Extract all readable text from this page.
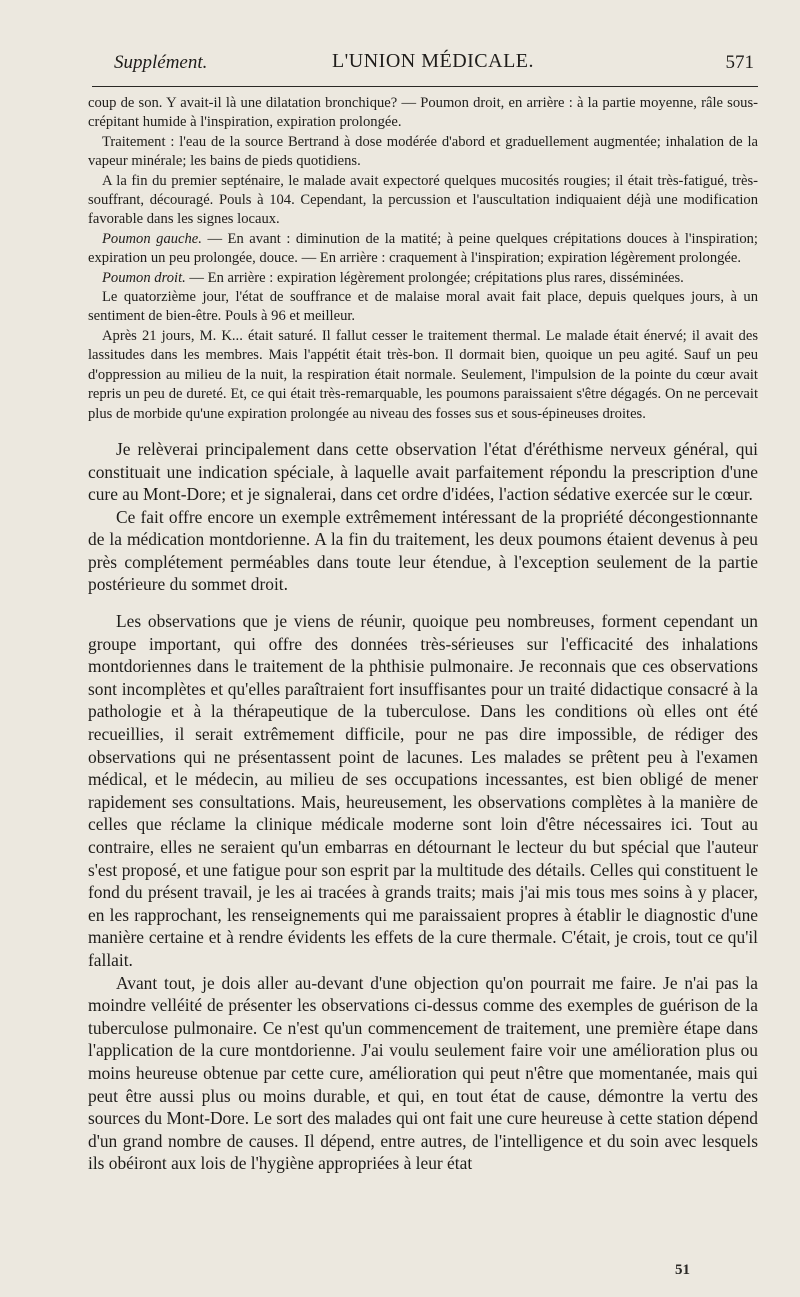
Supplément.	L'UNION MÉDICALE.	571

coup de son. Y avait-il là une dilatation bronchique? — Poumon droit, en arrière : à la partie moyenne, râle sous-crépitant humide à l'inspiration, expiration prolongée.

Traitement : l'eau de la source Bertrand à dose modérée d'abord et graduellement augmentée; inhalation de la vapeur minérale; les bains de pieds quotidiens.

A la fin du premier septénaire, le malade avait expectoré quelques mucosités rougies; il était très-fatigué, très-souffrant, découragé. Pouls à 104. Cependant, la percussion et l'auscultation indiquaient déjà une modification favorable dans les signes locaux.

Poumon gauche. — En avant : diminution de la matité; à peine quelques crépitations douces à l'inspiration; expiration un peu prolongée, douce. — En arrière : craquement à l'inspiration; expiration légèrement prolongée.

Poumon droit. — En arrière : expiration légèrement prolongée; crépitations plus rares, disséminées.

Le quatorzième jour, l'état de souffrance et de malaise moral avait fait place, depuis quelques jours, à un sentiment de bien-être. Pouls à 96 et meilleur.

Après 21 jours, M. K... était saturé. Il fallut cesser le traitement thermal. Le malade était énervé; il avait des lassitudes dans les membres. Mais l'appétit était très-bon. Il dormait bien, quoique un peu agité. Sauf un peu d'oppression au milieu de la nuit, la respiration était normale. Seulement, l'impulsion de la pointe du cœur avait repris un peu de dureté. Et, ce qui était très-remarquable, les poumons paraissaient s'être dégagés. On ne percevait plus de morbide qu'une expiration prolongée au niveau des fosses sus et sous-épineuses droites.

Je relèverai principalement dans cette observation l'état d'éréthisme nerveux général, qui constituait une indication spéciale, à laquelle avait parfaitement répondu la prescription d'une cure au Mont-Dore; et je signalerai, dans cet ordre d'idées, l'action sédative exercée sur le cœur.

Ce fait offre encore un exemple extrêmement intéressant de la propriété décongestionnante de la médication montdorienne. A la fin du traitement, les deux poumons étaient devenus à peu près complétement perméables dans toute leur étendue, à l'exception seulement de la partie postérieure du sommet droit.

Les observations que je viens de réunir, quoique peu nombreuses, forment cependant un groupe important, qui offre des données très-sérieuses sur l'efficacité des inhalations montdoriennes dans le traitement de la phthisie pulmonaire. Je reconnais que ces observations sont incomplètes et qu'elles paraîtraient fort insuffisantes pour un traité didactique consacré à la pathologie et à la thérapeutique de la tuberculose. Dans les conditions où elles ont été recueillies, il serait extrêmement difficile, pour ne pas dire impossible, de rédiger des observations qui ne présentassent point de lacunes. Les malades se prêtent peu à l'examen médical, et le médecin, au milieu de ses occupations incessantes, est bien obligé de mener rapidement ses consultations. Mais, heureusement, les observations complètes à la manière de celles que réclame la clinique médicale moderne sont loin d'être nécessaires ici. Tout au contraire, elles ne seraient qu'un embarras en détournant le lecteur du but spécial que l'auteur s'est proposé, et une fatigue pour son esprit par la multitude des détails. Celles qui constituent le fond du présent travail, je les ai tracées à grands traits; mais j'ai mis tous mes soins à y placer, en les rapprochant, les renseignements qui me paraissaient propres à établir le diagnostic d'une manière certaine et à rendre évidents les effets de la cure thermale. C'était, je crois, tout ce qu'il fallait.

Avant tout, je dois aller au-devant d'une objection qu'on pourrait me faire. Je n'ai pas la moindre velléité de présenter les observations ci-dessus comme des exemples de guérison de la tuberculose pulmonaire. Ce n'est qu'un commencement de traitement, une première étape dans l'application de la cure montdorienne. J'ai voulu seulement faire voir une amélioration plus ou moins heureuse obtenue par cette cure, amélioration qui peut n'être que momentanée, mais qui peut être aussi plus ou moins durable, et qui, en tout état de cause, démontre la vertu des sources du Mont-Dore. Le sort des malades qui ont fait une cure heureuse à cette station dépend d'un grand nombre de causes. Il dépend, entre autres, de l'intelligence et du soin avec lesquels ils obéiront aux lois de l'hygiène appropriées à leur état

51
